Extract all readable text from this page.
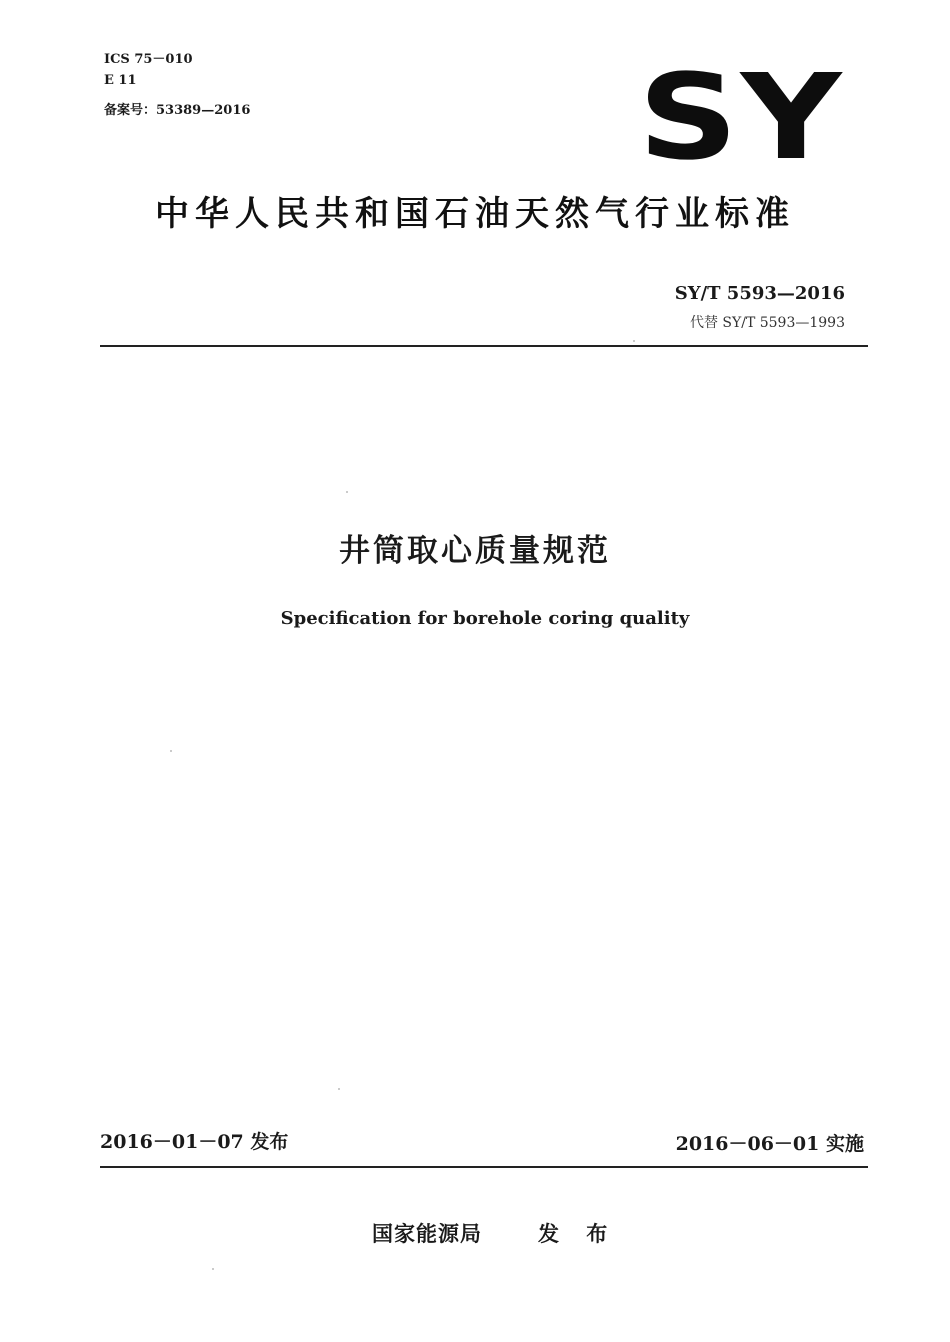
ICS 75－010
E 11
备案号：53389—2016	SY
中华人民共和国石油天然气行业标准
SY/T 5593—2016
代替 SY/T 5593—1993
井筒取心质量规范
Specification for borehole coring quality
2016－01－07 发布	2016－06－01 实施
国家能源局	发 布
